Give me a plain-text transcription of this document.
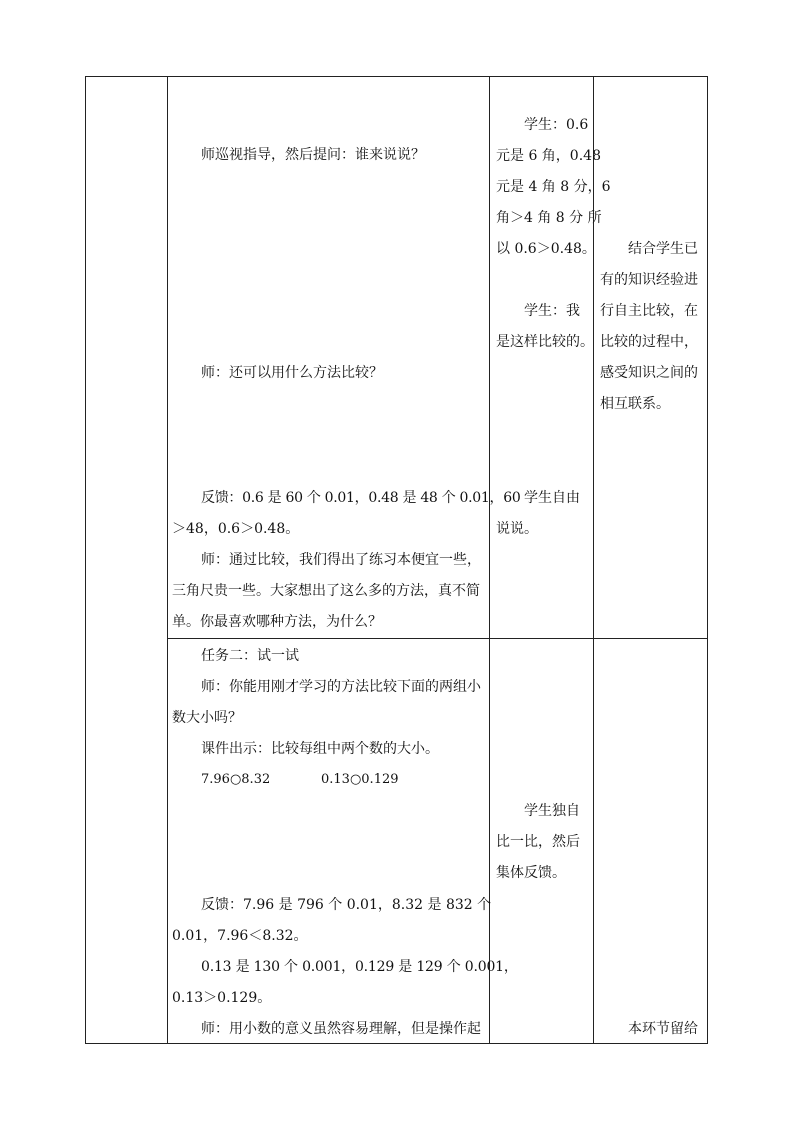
师巡视指导，然后提问：谁来说说？
师：还可以用什么方法比较？
反馈：0.6 是 60 个 0.01，0.48 是 48 个 0.01，60
＞48，0.6＞0.48。
师：通过比较，我们得出了练习本便宜一些，
三角尺贵一些。大家想出了这么多的方法，真不简
单。你最喜欢哪种方法，为什么？
任务二：试一试
师：你能用刚才学习的方法比较下面的两组小
数大小吗？
课件出示：比较每组中两个数的大小。
7.96○8.32	0.13○0.129
反馈：7.96 是 796 个 0.01，8.32 是 832 个
0.01，7.96＜8.32。
0.13 是 130 个 0.001，0.129 是 129 个 0.001，
0.13＞0.129。
师：用小数的意义虽然容易理解，但是操作起
学生：0.6
元是 6 角，0.48
元是 4 角 8 分，6
角＞4 角 8 分 所
以 0.6＞0.48。
学生：我
是这样比较的。
学生自由
说说。
学生独自
比一比，然后
集体反馈。
结合学生已
有的知识经验进
行自主比较，在
比较的过程中，
感受知识之间的
相互联系。
本环节留给
